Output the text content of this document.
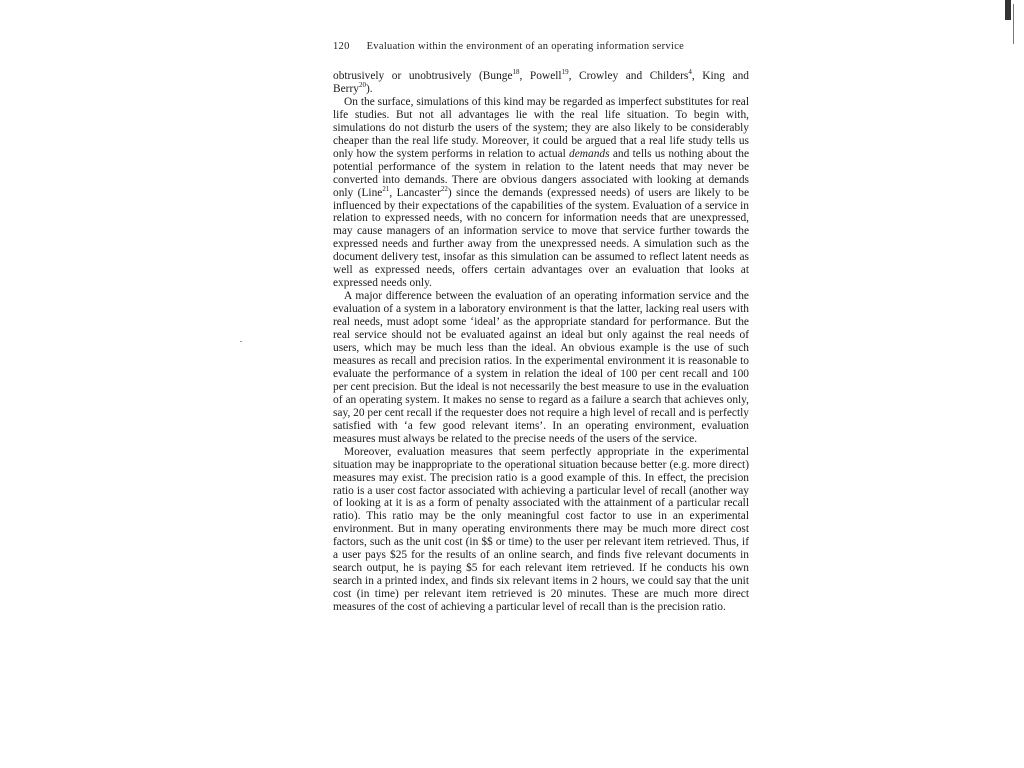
120 Evaluation within the environment of an operating information service

obtrusively or unobtrusively (Bunge$^{18}$, Powell$^{19}$, Crowley and Childers$^4$, King and Berry$^{20}$).

On the surface, simulations of this kind may be regarded as imperfect substitutes for real life studies. But not all advantages lie with the real life situation. To begin with, simulations do not disturb the users of the system; they are also likely to be considerably cheaper than the real life study. Moreover, it could be argued that a real life study tells us only how the system performs in relation to actual demands and tells us nothing about the potential performance of the system in relation to the latent needs that may never be converted into demands. There are obvious dangers associated with looking at demands only (Line$^{21}$, Lancaster$^{22}$) since the demands (expressed needs) of users are likely to be influenced by their expectations of the capabilities of the system. Evaluation of a service in relation to expressed needs, with no concern for information needs that are unexpressed, may cause managers of an information service to move that service further towards the expressed needs and further away from the unexpressed needs. A simulation such as the document delivery test, insofar as this simulation can be assumed to reflect latent needs as well as expressed needs, offers certain advantages over an evaluation that looks at expressed needs only.

A major difference between the evaluation of an operating information service and the evaluation of a system in a laboratory environment is that the latter, lacking real users with real needs, must adopt some ‘ideal’ as the appropriate standard for performance. But the real service should not be evaluated against an ideal but only against the real needs of users, which may be much less than the ideal. An obvious example is the use of such measures as recall and precision ratios. In the experimental environment it is reasonable to evaluate the performance of a system in relation the ideal of 100 per cent recall and 100 per cent precision. But the ideal is not necessarily the best measure to use in the evaluation of an operating system. It makes no sense to regard as a failure a search that achieves only, say, 20 per cent recall if the requester does not require a high level of recall and is perfectly satisfied with ‘a few good relevant items’. In an operating environment, evaluation measures must always be related to the precise needs of the users of the service.

Moreover, evaluation measures that seem perfectly appropriate in the experimental situation may be inappropriate to the operational situation because better (e.g. more direct) measures may exist. The precision ratio is a good example of this. In effect, the precision ratio is a user cost factor associated with achieving a particular level of recall (another way of looking at it is as a form of penalty associated with the attainment of a particular recall ratio). This ratio may be the only meaningful cost factor to use in an experimental environment. But in many operating environments there may be much more direct cost factors, such as the unit cost (in $$ or time) to the user per relevant item retrieved. Thus, if a user pays $25 for the results of an online search, and finds five relevant documents in search output, he is paying $5 for each relevant item retrieved. If he conducts his own search in a printed index, and finds six relevant items in 2 hours, we could say that the unit cost (in time) per relevant item retrieved is 20 minutes. These are much more direct measures of the cost of achieving a particular level of recall than is the precision ratio.
